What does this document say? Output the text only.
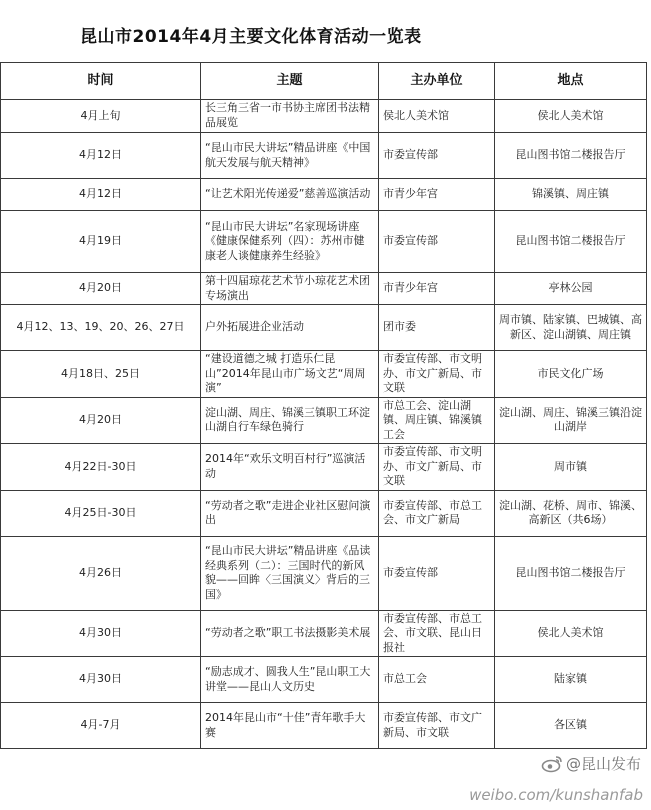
昆山市2014年4月主要文化体育活动一览表
时间	主题	主办单位	地点
4月上旬	长三角三省一市书协主席团书法精品展览	侯北人美术馆	侯北人美术馆
4月12日	“昆山市民大讲坛”精品讲座《中国航天发展与航天精神》	市委宣传部	昆山图书馆二楼报告厅
4月12日	“让艺术阳光传递爱”慈善巡演活动	市青少年宫	锦溪镇、周庄镇
4月19日	“昆山市民大讲坛”名家现场讲座《健康保健系列（四）：苏州市健康老人谈健康养生经验》	市委宣传部	昆山图书馆二楼报告厅
4月20日	第十四届琼花艺术节小琼花艺术团专场演出	市青少年宫	亭林公园
4月12、13、19、20、26、27日	户外拓展进企业活动	团市委	周市镇、陆家镇、巴城镇、高新区、淀山湖镇、周庄镇
4月18日、25日	“建设道德之城 打造乐仁昆山”2014年昆山市广场文艺“周周演”	市委宣传部、市文明办、市文广新局、市文联	市民文化广场
4月20日	淀山湖、周庄、锦溪三镇职工环淀山湖自行车绿色骑行	市总工会、淀山湖镇、周庄镇、锦溪镇工会	淀山湖、周庄、锦溪三镇沿淀山湖岸
4月22日-30日	2014年“欢乐文明百村行”巡演活动	市委宣传部、市文明办、市文广新局、市文联	周市镇
4月25日-30日	“劳动者之歌”走进企业社区慰问演出	市委宣传部、市总工会、市文广新局	淀山湖、花桥、周市、锦溪、高新区（共6场）
4月26日	“昆山市民大讲坛”精品讲座《品读经典系列（二）：三国时代的新风貌——回眸〈三国演义〉背后的三国》	市委宣传部	昆山图书馆二楼报告厅
4月30日	“劳动者之歌”职工书法摄影美术展	市委宣传部、市总工会、市文联、昆山日报社	侯北人美术馆
4月30日	“励志成才、圆我人生”昆山职工大讲堂——昆山人文历史	市总工会	陆家镇
4月-7月	2014年昆山市“十佳”青年歌手大赛	市委宣传部、市文广新局、市文联	各区镇
@昆山发布
weibo.com/kunshanfab
